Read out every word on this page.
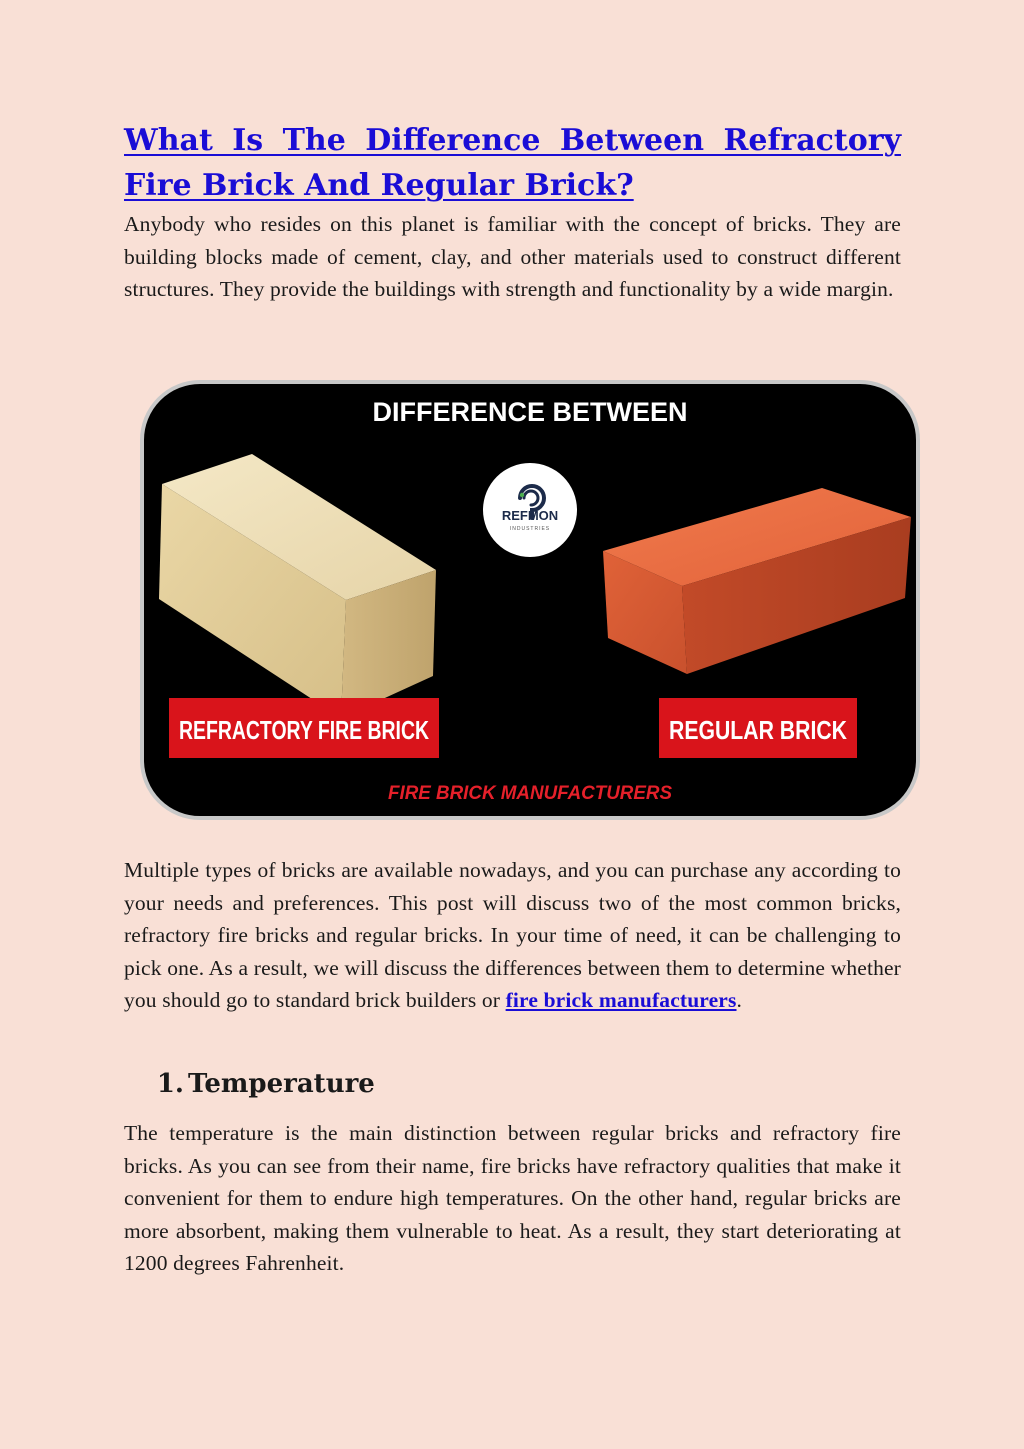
What Is The Difference Between Refractory Fire Brick And Regular Brick?

Anybody who resides on this planet is familiar with the concept of bricks. They are building blocks made of cement, clay, and other materials used to construct different structures. They provide the buildings with strength and functionality by a wide margin.

DIFFERENCE BETWEEN
REFMON
INDUSTRIES
REFRACTORY FIRE BRICK	REGULAR BRICK
FIRE BRICK MANUFACTURERS

Multiple types of bricks are available nowadays, and you can purchase any according to your needs and preferences. This post will discuss two of the most common bricks, refractory fire bricks and regular bricks. In your time of need, it can be challenging to pick one. As a result, we will discuss the differences between them to determine whether you should go to standard brick builders or fire brick manufacturers.

1. Temperature

The temperature is the main distinction between regular bricks and refractory fire bricks. As you can see from their name, fire bricks have refractory qualities that make it convenient for them to endure high temperatures. On the other hand, regular bricks are more absorbent, making them vulnerable to heat. As a result, they start deteriorating at 1200 degrees Fahrenheit.
